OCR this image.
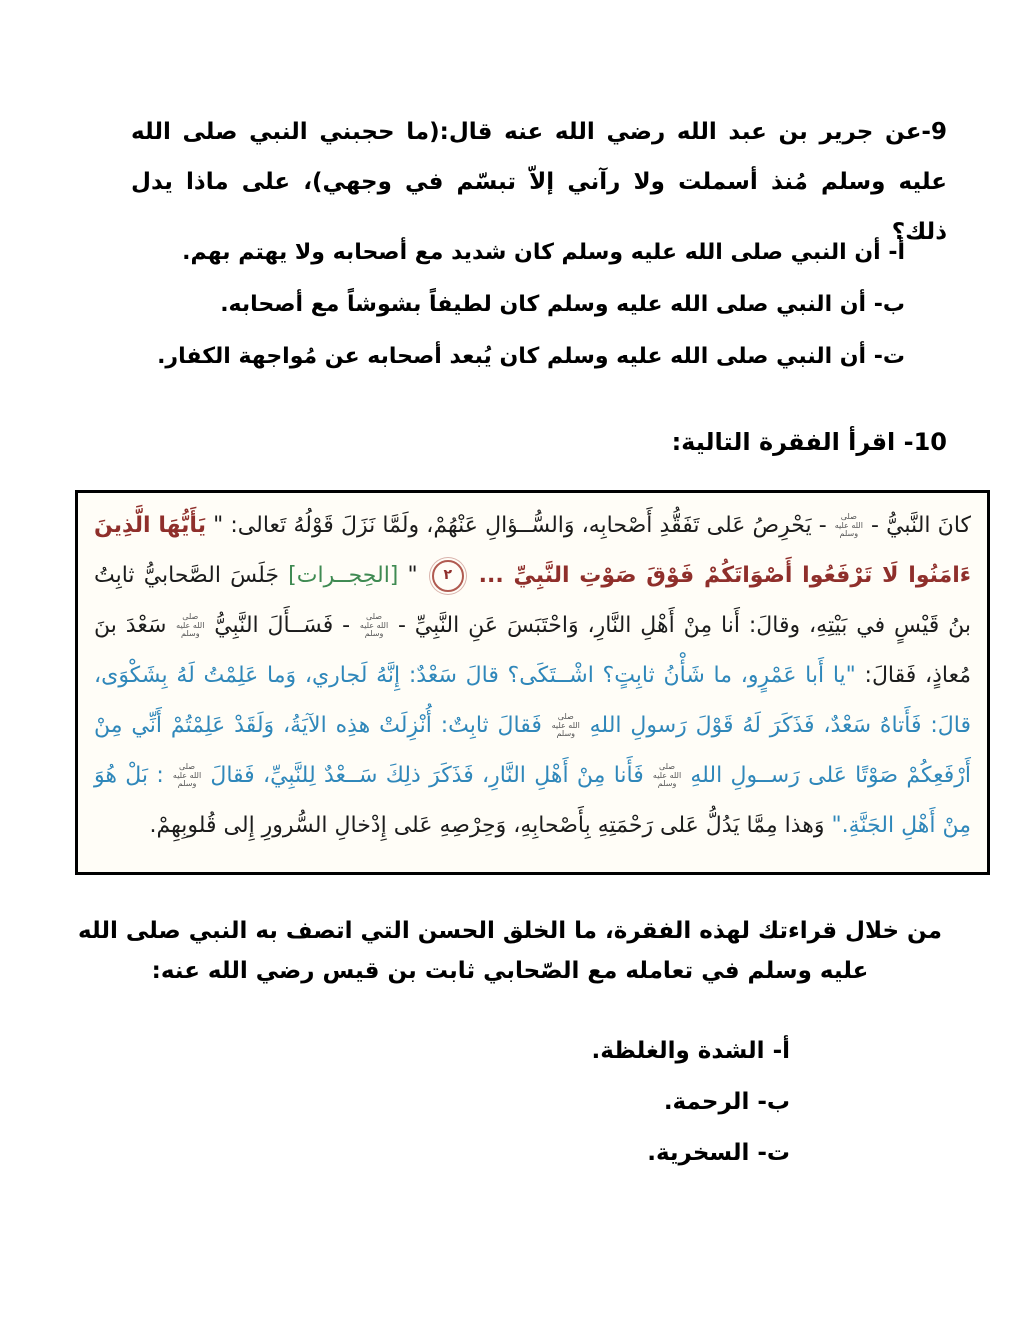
9-عن جرير بن عبد الله رضي الله عنه قال:(ما حجبني النبي صلى الله عليه وسلم مُنذ أسملت ولا رآني إلاّ تبسّم في وجهي)، على ماذا يدل ذلك؟

أ- أن النبي صلى الله عليه وسلم كان شديد مع أصحابه ولا يهتم بهم.
ب- أن النبي صلى الله عليه وسلم كان لطيفاً بشوشاً مع أصحابه.
ت- أن النبي صلى الله عليه وسلم كان يُبعد أصحابه عن مُواجهة الكفار.
10- اقرأ الفقرة التالية:

كانَ النَّبيُّ - صلى الله عليه وسلم - يَحْرِصُ عَلى تَفَقُّدِ أَصْحابِه، وَالسُّــؤالِ عَنْهُمْ، ولَمَّا نَزَلَ قَوْلُهُ تَعالى: " يَأَيُّهَا الَّذِينَ ءَامَنُوا لَا تَرْفَعُوا أَصْوَاتَكُمْ فَوْقَ صَوْتِ النَّبِيِّ ... ٢ " [الحِجــرات] جَلَسَ الصَّحابيُّ ثابِتُ بنُ قَيْسٍ في بَيْتِهِ، وقالَ: أَنا مِنْ أَهْلِ النَّارِ، وَاحْتَبَسَ عَنِ النَّبِيِّ - صلى الله عليه وسلم - فَسَــأَلَ النَّبِيُّ صلى الله عليه وسلم سَعْدَ بنَ مُعاذٍ، فَقالَ: "يا أَبا عَمْرٍو، ما شَأْنُ ثابِتٍ؟ اشْــتَكَى؟ قالَ سَعْدٌ: إِنَّهُ لَجاري، وَما عَلِمْتُ لَهُ بِشَكْوَى، قالَ: فَأَتاهُ سَعْدٌ، فَذَكَرَ لَهُ قَوْلَ رَسولِ اللهِ صلى الله عليه وسلم فَقالَ ثابِتٌ: أُنْزِلَتْ هذِه الآيَةُ، وَلَقَدْ عَلِمْتُمْ أَنِّي مِنْ أَرْفَعِكُمْ صَوْتًا عَلى رَســولِ اللهِ صلى الله عليه وسلم فَأَنا مِنْ أَهْلِ النَّارِ، فَذَكَرَ ذلِكَ سَــعْدٌ لِلنَّبِيِّ، فَقالَ صلى الله عليه وسلم : بَلْ هُوَ مِنْ أَهْلِ الجَنَّةِ." وَهذا مِمَّا يَدُلُّ عَلى رَحْمَتِهِ بِأَصْحابِهِ، وَحِرْصِهِ عَلى إِدْخالِ السُّرورِ إِلى قُلوبِهِمْ.

من خلال قراءتك لهذه الفقرة، ما الخلق الحسن التي اتصف به النبي صلى الله عليه وسلم في تعامله مع الصّحابي ثابت بن قيس رضي الله عنه:

أ- الشدة والغلظة.
ب- الرحمة.
ت- السخرية.
